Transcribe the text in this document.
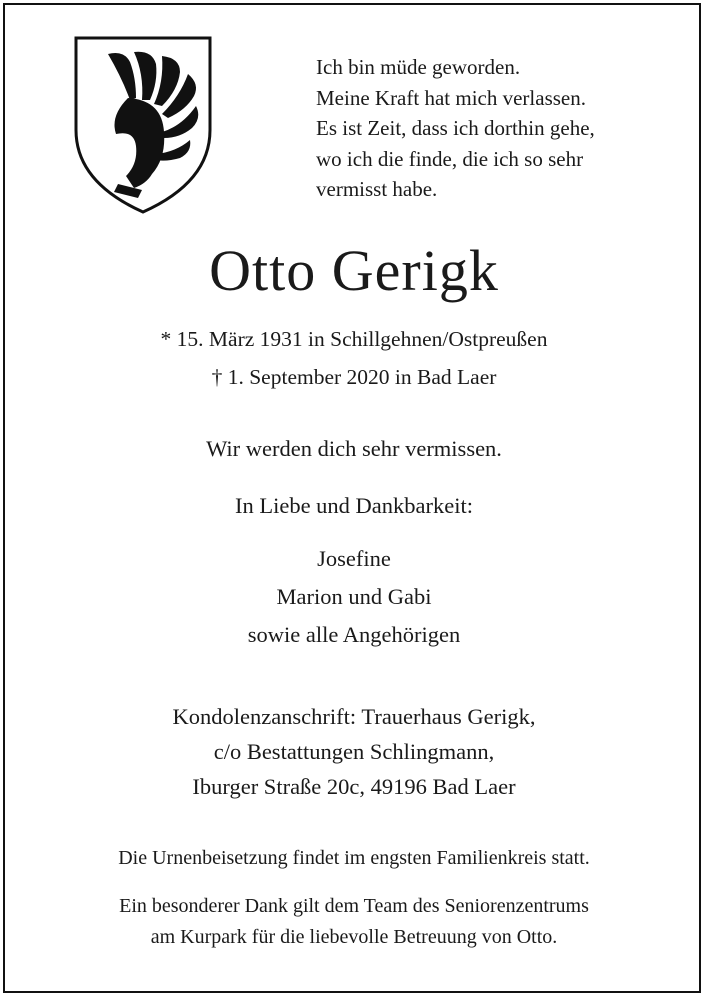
Ich bin müde geworden.
Meine Kraft hat mich verlassen.
Es ist Zeit, dass ich dorthin gehe,
wo ich die finde, die ich so sehr
vermisst habe.
Otto Gerigk
* 15. März 1931 in Schillgehnen/Ostpreußen
† 1. September 2020 in Bad Laer
Wir werden dich sehr vermissen.
In Liebe und Dankbarkeit:
Josefine
Marion und Gabi
sowie alle Angehörigen
Kondolenzanschrift: Trauerhaus Gerigk,
c/o Bestattungen Schlingmann,
Iburger Straße 20c, 49196 Bad Laer
Die Urnenbeisetzung findet im engsten Familienkreis statt.
Ein besonderer Dank gilt dem Team des Seniorenzentrums
am Kurpark für die liebevolle Betreuung von Otto.
